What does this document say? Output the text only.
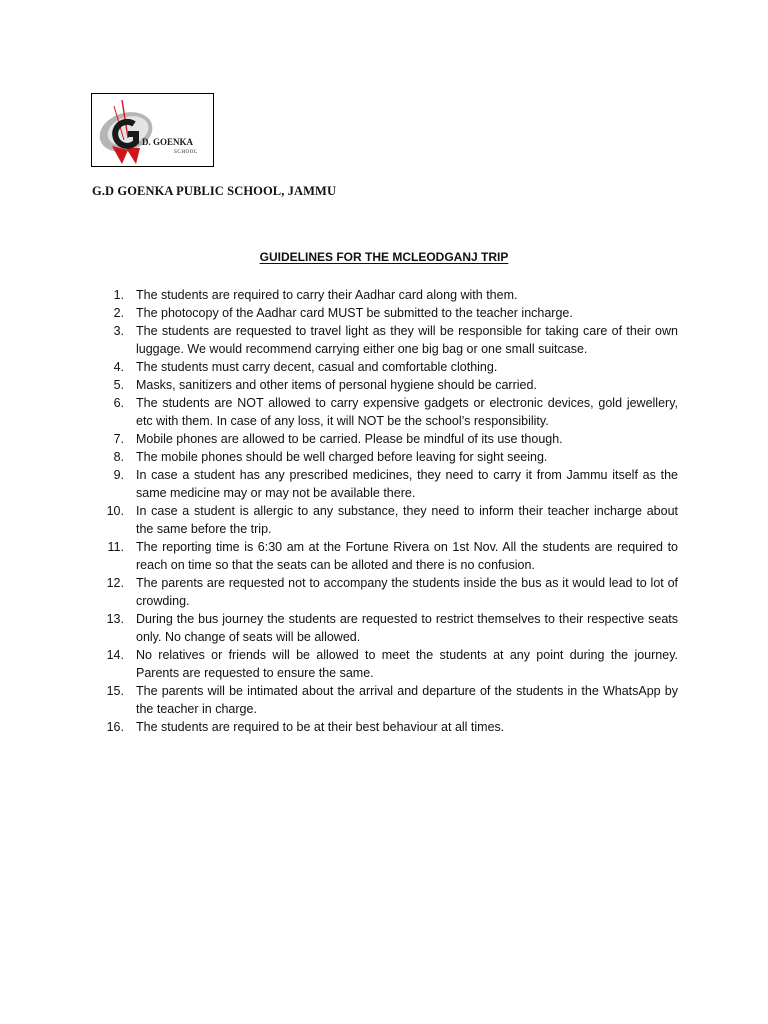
D. GOENKA
SCHOOL
G.D GOENKA PUBLIC SCHOOL, JAMMU
GUIDELINES FOR THE MCLEODGANJ TRIP
1. The students are required to carry their Aadhar card along with them.
2. The photocopy of the Aadhar card MUST be submitted to the teacher incharge.
3. The students are requested to travel light as they will be responsible for taking care of their own luggage. We would recommend carrying either one big bag or one small suitcase.
4. The students must carry decent, casual and comfortable clothing.
5. Masks, sanitizers and other items of personal hygiene should be carried.
6. The students are NOT allowed to carry expensive gadgets or electronic devices, gold jewellery, etc with them. In case of any loss, it will NOT be the school’s responsibility.
7. Mobile phones are allowed to be carried. Please be mindful of its use though.
8. The mobile phones should be well charged before leaving for sight seeing.
9. In case a student has any prescribed medicines, they need to carry it from Jammu itself as the same medicine may or may not be available there.
10. In case a student is allergic to any substance, they need to inform their teacher incharge about the same before the trip.
11. The reporting time is 6:30 am at the Fortune Rivera on 1st Nov. All the students are required to reach on time so that the seats can be alloted and there is no confusion.
12. The parents are requested not to accompany the students inside the bus as it would lead to lot of crowding.
13. During the bus journey the students are requested to restrict themselves to their respective seats only. No change of seats will be allowed.
14. No relatives or friends will be allowed to meet the students at any point during the journey. Parents are requested to ensure the same.
15. The parents will be intimated about the arrival and departure of the students in the WhatsApp by the teacher in charge.
16. The students are required to be at their best behaviour at all times.
